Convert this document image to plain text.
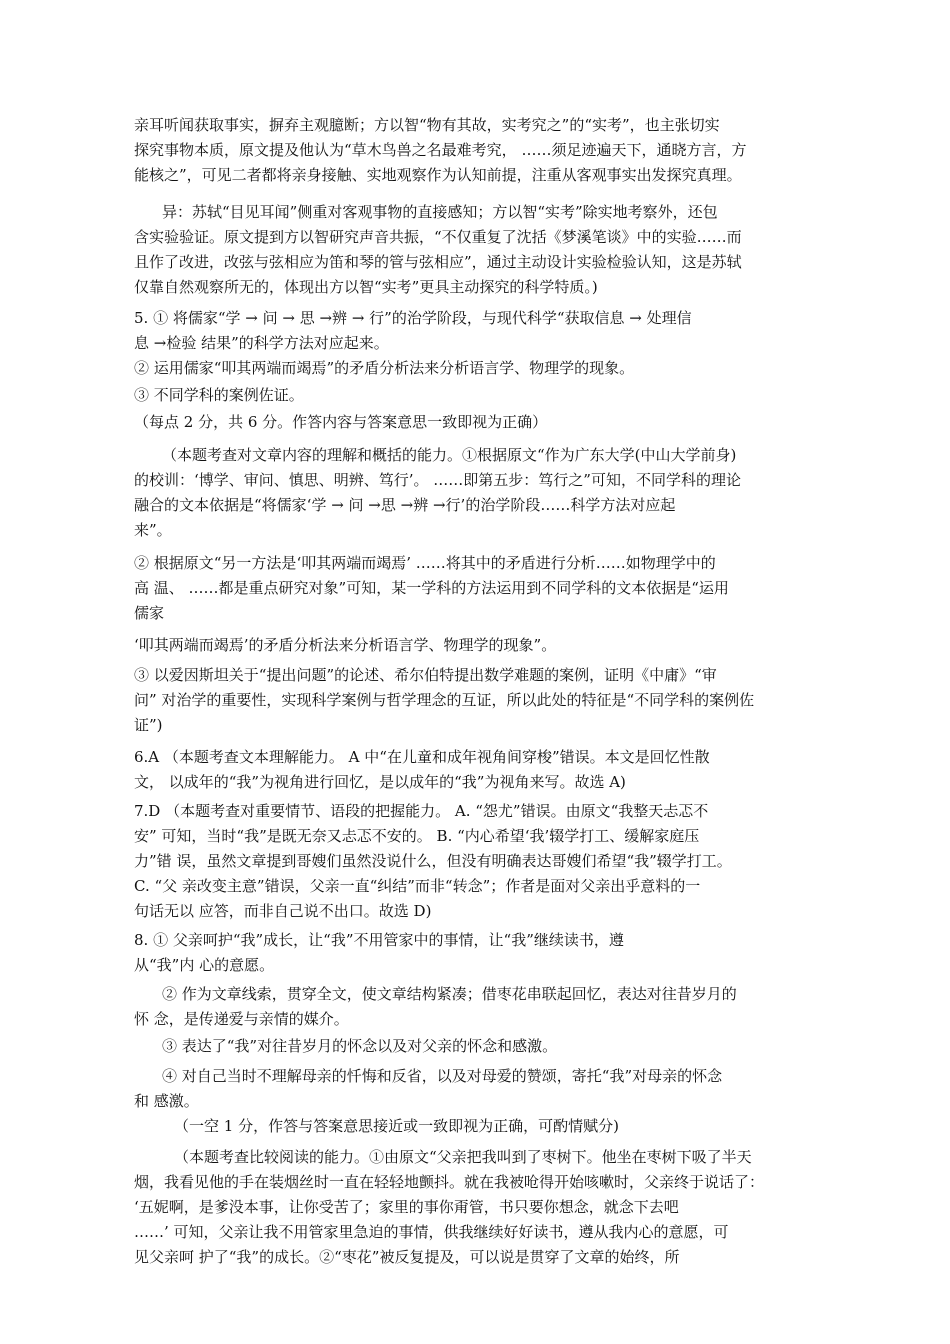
亲耳听闻获取事实，摒弃主观臆断；方以智“物有其故，实考究之”的“实考”，也主张切实
探究事物本质，原文提及他认为“草木鸟兽之名最难考究， ……须足迹遍天下，通晓方言，方
能核之”，可见二者都将亲身接触、实地观察作为认知前提，注重从客观事实出发探究真理。
异：苏轼“目见耳闻”侧重对客观事物的直接感知；方以智“实考”除实地考察外，还包
含实验验证。原文提到方以智研究声音共振，“不仅重复了沈括《梦溪笔谈》中的实验……而
且作了改进，改弦与弦相应为笛和琴的管与弦相应”，通过主动设计实验检验认知，这是苏轼
仅靠自然观察所无的，体现出方以智“实考”更具主动探究的科学特质。)
5. ① 将儒家“学 → 问 → 思 →辨 → 行”的治学阶段，与现代科学“获取信息 → 处理信
息 →检验 结果”的科学方法对应起来。
② 运用儒家“叩其两端而竭焉”的矛盾分析法来分析语言学、物理学的现象。
③ 不同学科的案例佐证。
（每点 2 分，共 6 分。作答内容与答案意思一致即视为正确）
（本题考查对文章内容的理解和概括的能力。①根据原文“作为广东大学(中山大学前身)
的校训：‘博学、审问、慎思、明辨、笃行’。 ……即第五步：笃行之”可知，不同学科的理论
融合的文本依据是“将儒家‘学 → 问 →思 →辨 →行’的治学阶段……科学方法对应起
来”。
② 根据原文“另一方法是‘叩其两端而竭焉’ ……将其中的矛盾进行分析……如物理学中的
高 温、 ……都是重点研究对象”可知，某一学科的方法运用到不同学科的文本依据是“运用
儒家
‘叩其两端而竭焉’的矛盾分析法来分析语言学、物理学的现象”。
③ 以爱因斯坦关于“提出问题”的论述、希尔伯特提出数学难题的案例，证明《中庸》“审
问” 对治学的重要性，实现科学案例与哲学理念的互证，所以此处的特征是“不同学科的案例佐
证”)
6.A （本题考查文本理解能力。 A 中“在儿童和成年视角间穿梭”错误。本文是回忆性散
文， 以成年的“我”为视角进行回忆，是以成年的“我”为视角来写。故选 A)
7.D （本题考查对重要情节、语段的把握能力。 A. “怨尤”错误。由原文“我整天忐忑不
安” 可知，当时“我”是既无奈又忐忑不安的。 B. “内心希望‘我’辍学打工、缓解家庭压
力”错 误，虽然文章提到哥嫂们虽然没说什么，但没有明确表达哥嫂们希望“我”辍学打工。
C. “父 亲改变主意”错误，父亲一直“纠结”而非“转念”；作者是面对父亲出乎意料的一
句话无以 应答，而非自己说不出口。故选 D)
8. ① 父亲呵护“我”成长，让“我”不用管家中的事情，让“我”继续读书，遵
从“我”内 心的意愿。
② 作为文章线索，贯穿全文，使文章结构紧凑；借枣花串联起回忆，表达对往昔岁月的
怀 念，是传递爱与亲情的媒介。
③ 表达了“我”对往昔岁月的怀念以及对父亲的怀念和感激。
④ 对自己当时不理解母亲的忏悔和反省，以及对母爱的赞颂，寄托“我”对母亲的怀念
和 感激。
（一空 1 分，作答与答案意思接近或一致即视为正确，可酌情赋分)
（本题考查比较阅读的能力。①由原文“父亲把我叫到了枣树下。他坐在枣树下吸了半天
烟，我看见他的手在装烟丝时一直在轻轻地颤抖。就在我被呛得开始咳嗽时，父亲终于说话了：
‘五妮啊，是爹没本事，让你受苦了；家里的事你甭管，书只要你想念，就念下去吧
……’ 可知，父亲让我不用管家里急迫的事情，供我继续好好读书，遵从我内心的意愿，可
见父亲呵 护了“我”的成长。②“枣花”被反复提及，可以说是贯穿了文章的始终，所
